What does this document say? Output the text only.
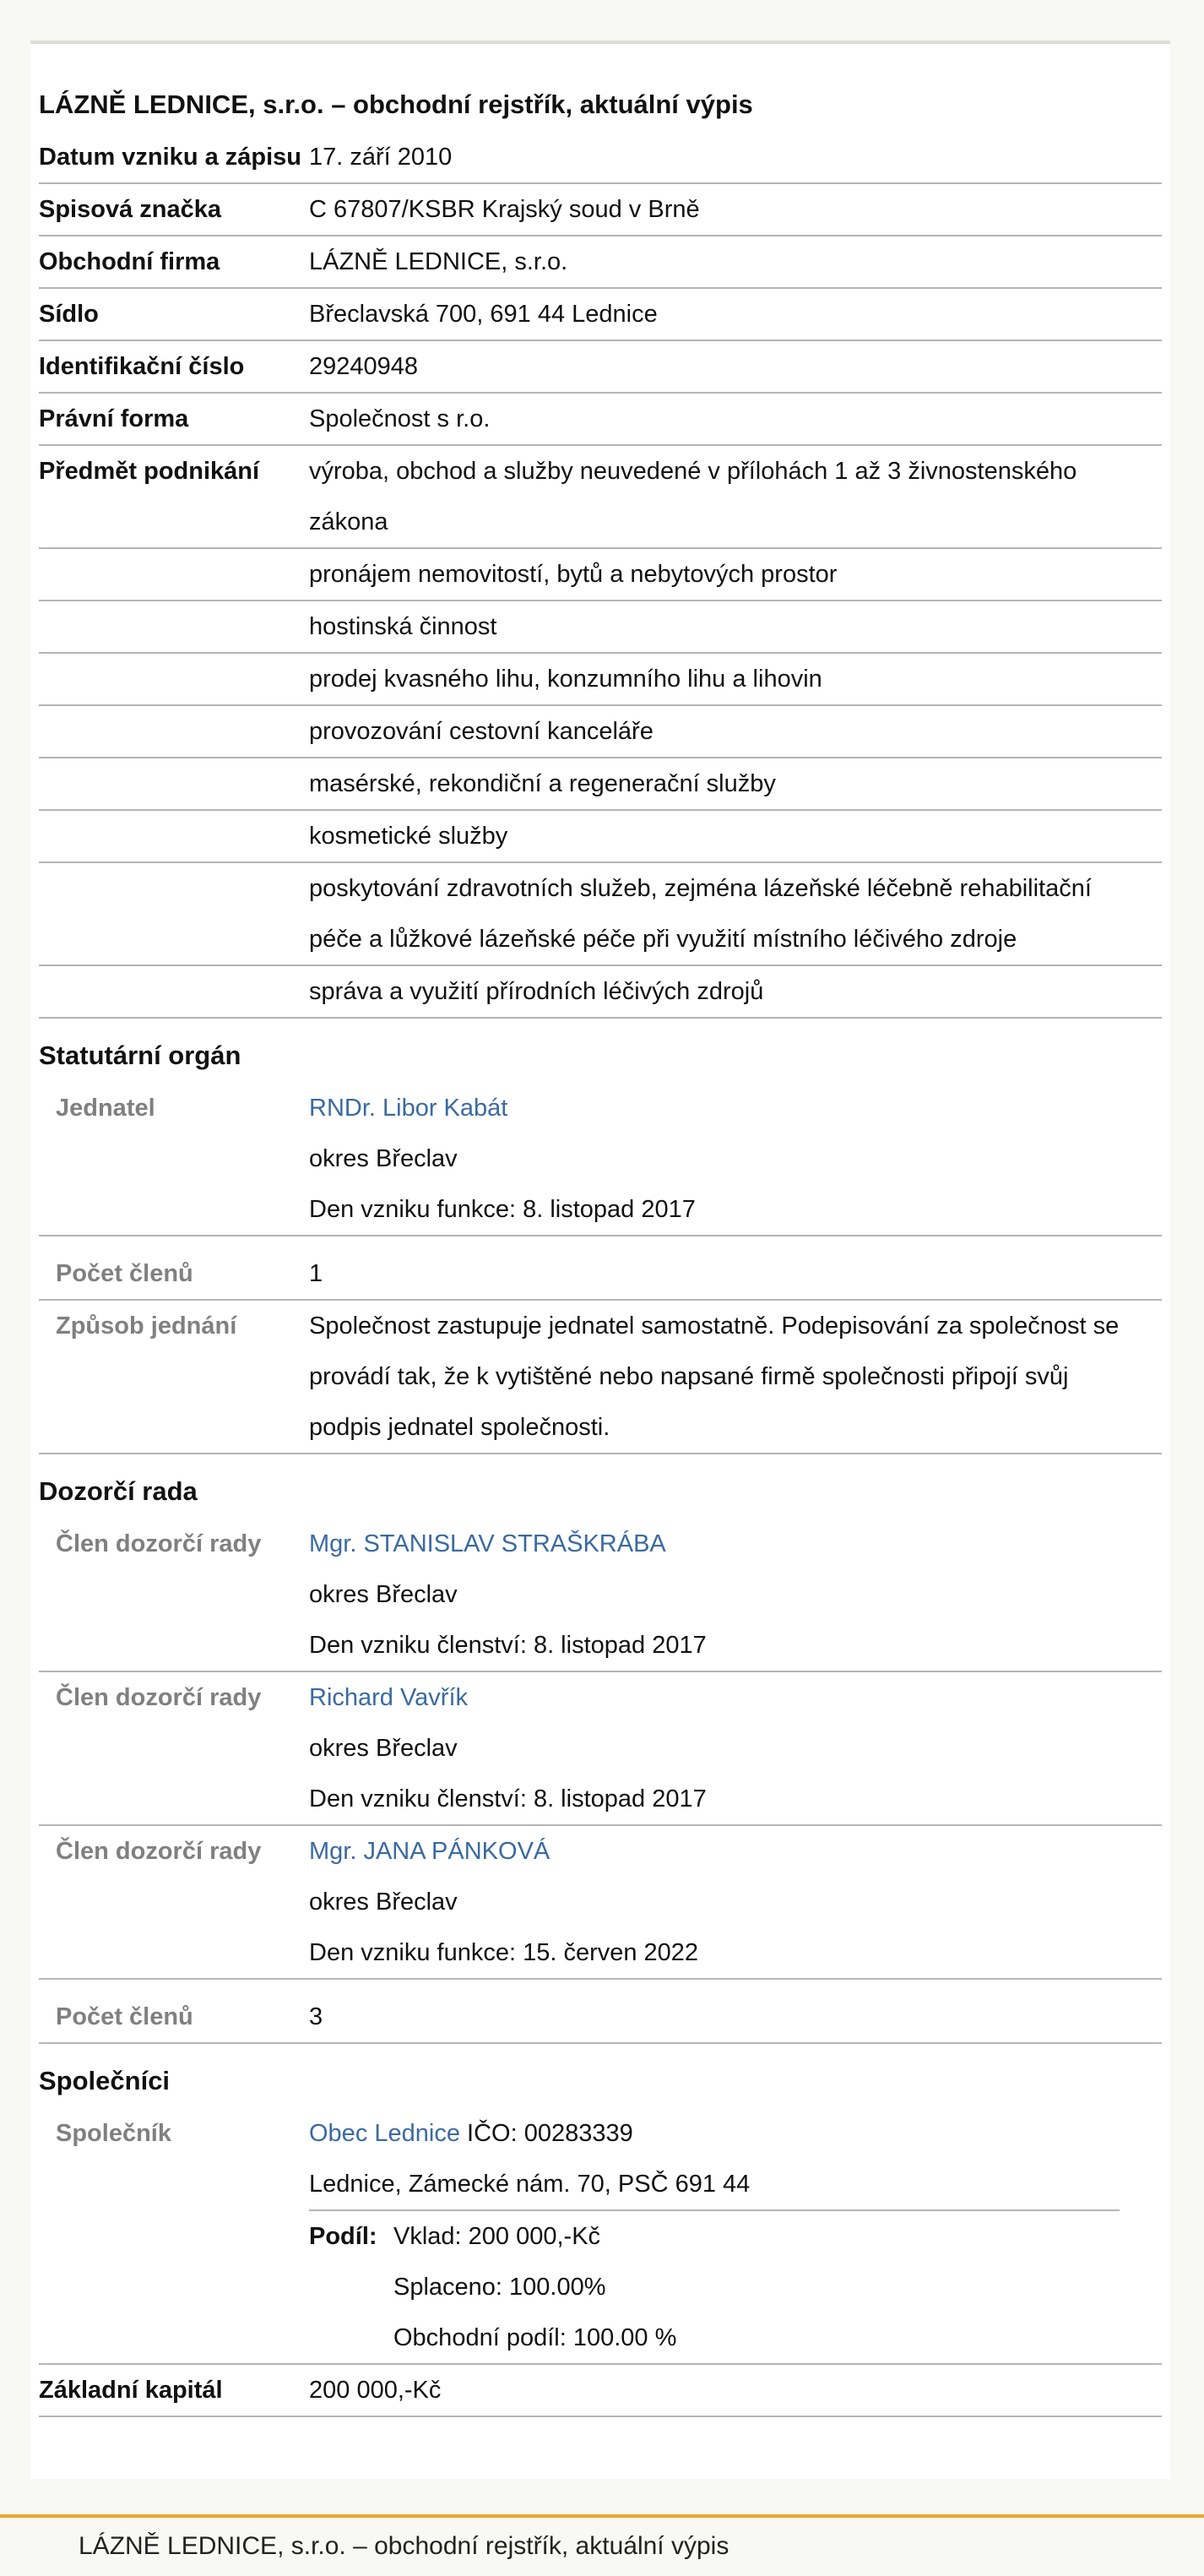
LÁZNĚ LEDNICE, s.r.o. – obchodní rejstřík, aktuální výpis
Datum vzniku a zápisu 17. září 2010
Spisová značka	C 67807/KSBR Krajský soud v Brně
Obchodní firma	LÁZNĚ LEDNICE, s.r.o.
Sídlo	Břeclavská 700, 691 44 Lednice
Identifikační číslo	29240948
Právní forma	Společnost s r.o.
Předmět podnikání	výroba, obchod a služby neuvedené v přílohách 1 až 3 živnostenského zákona
pronájem nemovitostí, bytů a nebytových prostor
hostinská činnost
prodej kvasného lihu, konzumního lihu a lihovin
provozování cestovní kanceláře
masérské, rekondiční a regenerační služby
kosmetické služby
poskytování zdravotních služeb, zejména lázeňské léčebně rehabilitační péče a lůžkové lázeňské péče při využití místního léčivého zdroje
správa a využití přírodních léčivých zdrojů
Statutární orgán
Jednatel	RNDr. Libor Kabát
okres Břeclav
Den vzniku funkce: 8. listopad 2017
Počet členů	1
Způsob jednání	Společnost zastupuje jednatel samostatně. Podepisování za společnost se provádí tak, že k vytištěné nebo napsané firmě společnosti připojí svůj podpis jednatel společnosti.
Dozorčí rada
Člen dozorčí rady	Mgr. STANISLAV STRAŠKRÁBA
okres Břeclav
Den vzniku členství: 8. listopad 2017
Člen dozorčí rady	Richard Vavřík
okres Břeclav
Den vzniku členství: 8. listopad 2017
Člen dozorčí rady	Mgr. JANA PÁNKOVÁ
okres Břeclav
Den vzniku funkce: 15. červen 2022
Počet členů	3
Společníci
Společník	Obec Lednice IČO: 00283339
Lednice, Zámecké nám. 70, PSČ 691 44
Podíl: Vklad: 200 000,-Kč
Splaceno: 100.00%
Obchodní podíl: 100.00 %
Základní kapitál	200 000,-Kč
LÁZNĚ LEDNICE, s.r.o. – obchodní rejstřík, aktuální výpis
